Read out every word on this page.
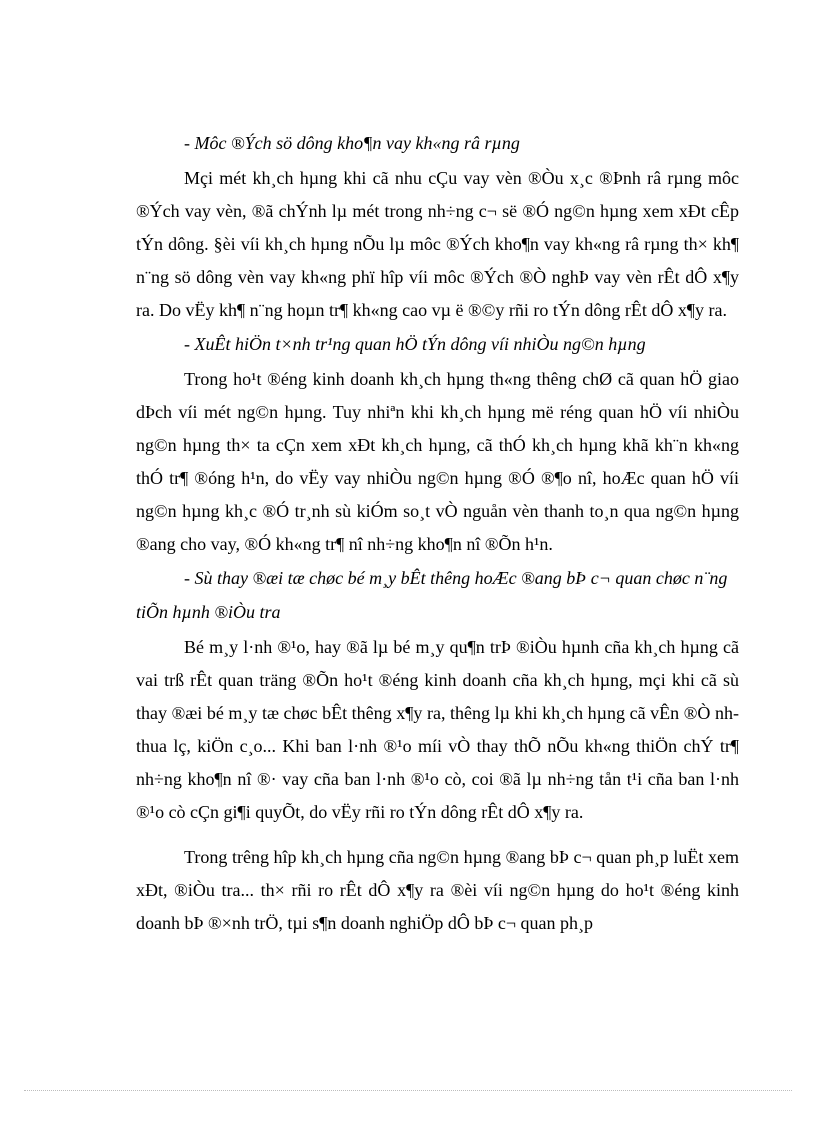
- Môc ®Ých sö dông kho¶n vay kh«ng râ rµng

Mçi mét kh¸ch hµng khi cã nhu cÇu vay vèn ®Òu x¸c ®Þnh râ rµng môc ®Ých vay vèn, ®ã chÝnh lµ mét trong nh÷ng c¬ së ®Ó ng©n hµng xem xÐt cÊp tÝn dông. §èi víi kh¸ch hµng nÕu lµ môc ®Ých kho¶n vay kh«ng râ rµng th× kh¶ n¨ng sö dông vèn vay kh«ng phï hîp víi môc ®Ých ®Ò nghÞ vay vèn rÊt dÔ x¶y ra. Do vËy kh¶ n¨ng hoµn tr¶ kh«ng cao vµ ë ®©y rñi ro tÝn dông rÊt dÔ x¶y ra.

- XuÊt hiÖn t×nh tr¹ng quan hÖ tÝn dông víi nhiÒu ng©n hµng

Trong ho¹t ®éng kinh doanh kh¸ch hµng th«ng thêng chØ cã quan hÖ giao dÞch víi mét ng©n hµng. Tuy nhiªn khi kh¸ch hµng më réng quan hÖ víi nhiÒu ng©n hµng th× ta cÇn xem xÐt kh¸ch hµng, cã thÓ kh¸ch hµng khã kh¨n kh«ng thÓ tr¶ ®óng h¹n, do vËy vay nhiÒu ng©n hµng ®Ó ®¶o nî, hoÆc quan hÖ víi ng©n hµng kh¸c ®Ó tr¸nh sù kiÓm so¸t vÒ nguån vèn thanh to¸n qua ng©n hµng ®ang cho vay, ®Ó kh«ng tr¶ nî nh÷ng kho¶n nî ®Õn h¹n.

- Sù thay ®æi tæ chøc bé m¸y bÊt thêng hoÆc ®ang bÞ c¬ quan chøc n¨ng tiÕn hµnh ®iÒu tra

Bé m¸y l·nh ®¹o, hay ®ã lµ bé m¸y qu¶n trÞ ®iÒu hµnh cña kh¸ch hµng cã vai trß rÊt quan träng ®Õn ho¹t ®éng kinh doanh cña kh¸ch hµng, mçi khi cã sù thay ®æi bé m¸y tæ chøc bÊt thêng x¶y ra, thêng lµ khi kh¸ch hµng cã vÊn ®Ò nh thua lç, kiÖn c¸o... Khi ban l·nh ®¹o míi vÒ thay thÕ nÕu kh«ng thiÖn chÝ tr¶ nh÷ng kho¶n nî ®· vay cña ban l·nh ®¹o cò, coi ®ã lµ nh÷ng tån t¹i cña ban l·nh ®¹o cò cÇn gi¶i quyÕt, do vËy rñi ro tÝn dông rÊt dÔ x¶y ra.

Trong trêng hîp kh¸ch hµng cña ng©n hµng ®ang bÞ c¬ quan ph¸p luËt xem xÐt, ®iÒu tra... th× rñi ro rÊt dÔ x¶y ra ®èi víi ng©n hµng do ho¹t ®éng kinh doanh bÞ ®×nh trÖ, tµi s¶n doanh nghiÖp dÔ bÞ c¬ quan ph¸p
